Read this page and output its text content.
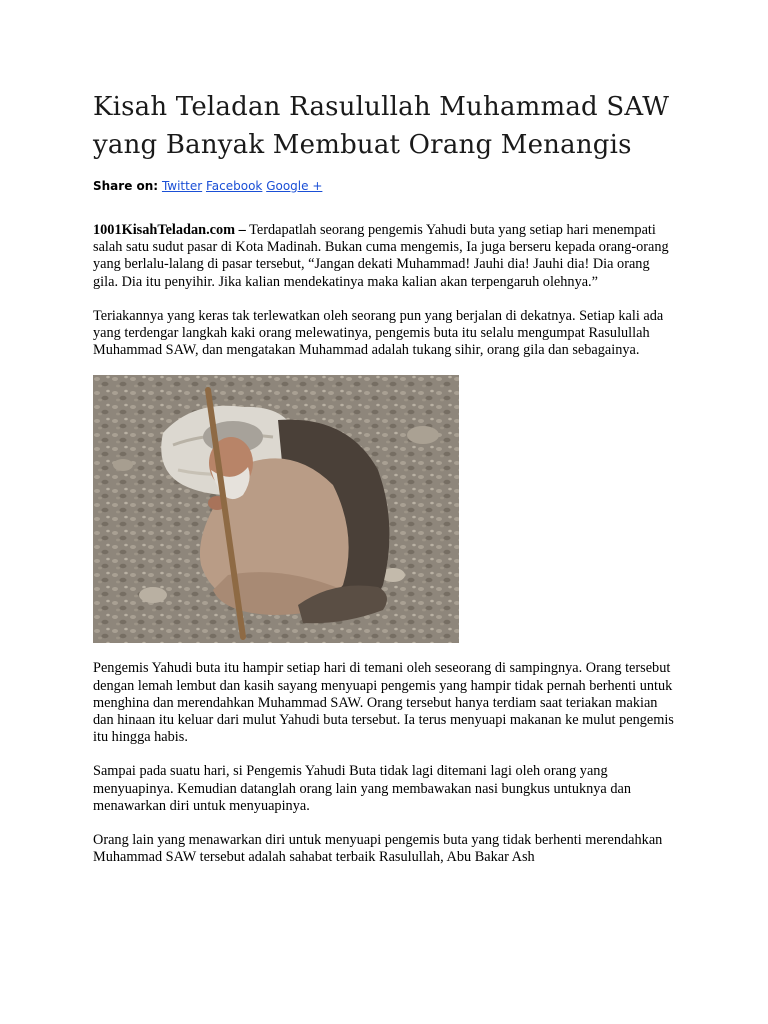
Kisah Teladan Rasulullah Muhammad SAW yang Banyak Membuat Orang Menangis
Share on: Twitter Facebook Google +

1001KisahTeladan.com – Terdapatlah seorang pengemis Yahudi buta yang setiap hari menempati salah satu sudut pasar di Kota Madinah. Bukan cuma mengemis, Ia juga berseru kepada orang-orang yang berlalu-lalang di pasar tersebut, “Jangan dekati Muhammad! Jauhi dia! Jauhi dia! Dia orang gila. Dia itu penyihir. Jika kalian mendekatinya maka kalian akan terpengaruh olehnya.”

Teriakannya yang keras tak terlewatkan oleh seorang pun yang berjalan di dekatnya. Setiap kali ada yang terdengar langkah kaki orang melewatinya, pengemis buta itu selalu mengumpat Rasulullah Muhammad SAW, dan mengatakan Muhammad adalah tukang sihir, orang gila dan sebagainya.

Pengemis Yahudi buta itu hampir setiap hari di temani oleh seseorang di sampingnya. Orang tersebut dengan lemah lembut dan kasih sayang menyuapi pengemis yang hampir tidak pernah berhenti untuk menghina dan merendahkan Muhammad SAW. Orang tersebut hanya terdiam saat teriakan makian dan hinaan itu keluar dari mulut Yahudi buta tersebut. Ia terus menyuapi makanan ke mulut pengemis itu hingga habis.

Sampai pada suatu hari, si Pengemis Yahudi Buta tidak lagi ditemani lagi oleh orang yang menyuapinya. Kemudian datanglah orang lain yang membawakan nasi bungkus untuknya dan menawarkan diri untuk menyuapinya.

Orang lain yang menawarkan diri untuk menyuapi pengemis buta yang tidak berhenti merendahkan Muhammad SAW tersebut adalah sahabat terbaik Rasulullah, Abu Bakar Ash
